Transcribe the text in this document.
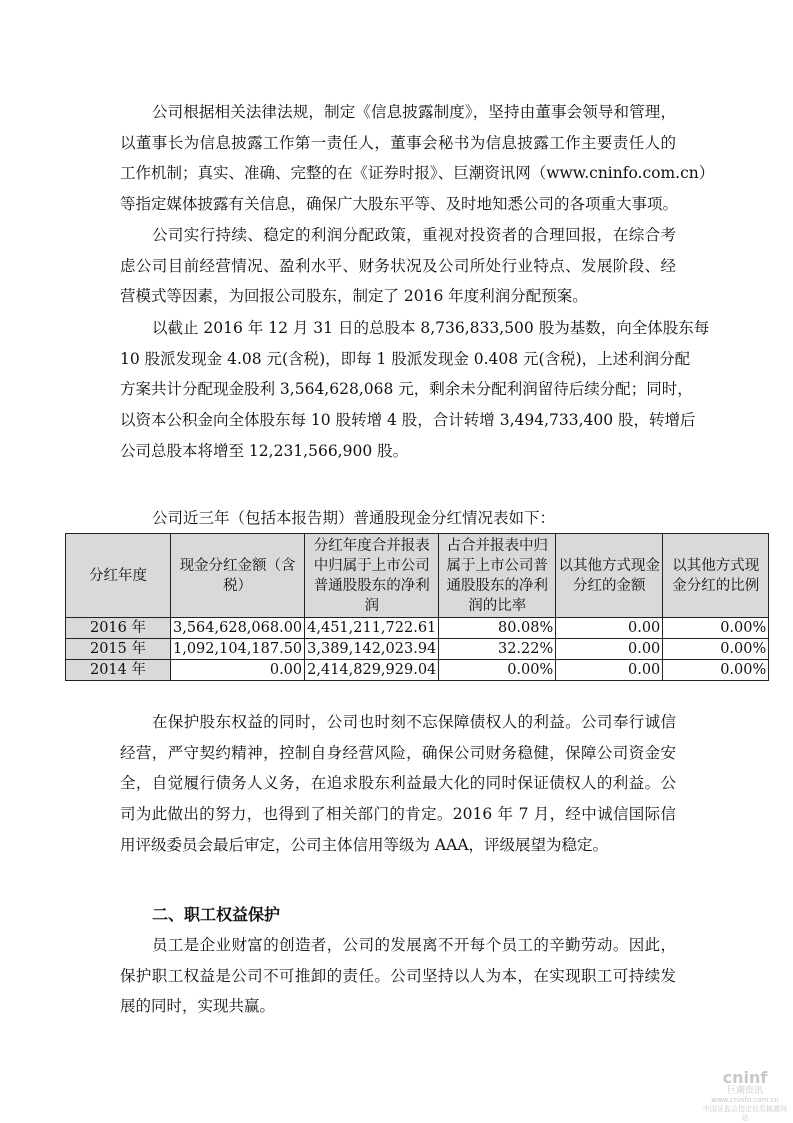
公司根据相关法律法规，制定《信息披露制度》，坚持由董事会领导和管理，
以董事长为信息披露工作第一责任人，董事会秘书为信息披露工作主要责任人的
工作机制；真实、准确、完整的在《证券时报》、巨潮资讯网（www.cninfo.com.cn）
等指定媒体披露有关信息，确保广大股东平等、及时地知悉公司的各项重大事项。
公司实行持续、稳定的利润分配政策，重视对投资者的合理回报，在综合考
虑公司目前经营情况、盈利水平、财务状况及公司所处行业特点、发展阶段、经
营模式等因素，为回报公司股东，制定了 2016 年度利润分配预案。
以截止 2016 年 12 月 31 日的总股本 8,736,833,500 股为基数，向全体股东每
10 股派发现金 4.08 元(含税)，即每 1 股派发现金 0.408 元(含税)，上述利润分配
方案共计分配现金股利 3,564,628,068 元，剩余未分配利润留待后续分配；同时，
以资本公积金向全体股东每 10 股转增 4 股，合计转增 3,494,733,400 股，转增后
公司总股本将增至 12,231,566,900 股。
在保护股东权益的同时，公司也时刻不忘保障债权人的利益。公司奉行诚信
经营，严守契约精神，控制自身经营风险，确保公司财务稳健，保障公司资金安
全，自觉履行债务人义务，在追求股东利益最大化的同时保证债权人的利益。公
司为此做出的努力，也得到了相关部门的肯定。2016 年 7 月，经中诚信国际信
用评级委员会最后审定，公司主体信用等级为 AAA，评级展望为稳定。
员工是企业财富的创造者，公司的发展离不开每个员工的辛勤劳动。因此，
保护职工权益是公司不可推卸的责任。公司坚持以人为本，在实现职工可持续发
展的同时，实现共赢。
公司近三年（包括本报告期）普通股现金分红情况表如下：
分红年度	现金分红金额（含税）	分红年度合并报表中归属于上市公司普通股股东的净利润	占合并报表中归属于上市公司普通股股东的净利润的比率	以其他方式现金分红的金额	以其他方式现金分红的比例
2016 年	3,564,628,068.00	4,451,211,722.61	80.08%	0.00	0.00%
2015 年	1,092,104,187.50	3,389,142,023.94	32.22%	0.00	0.00%
2014 年	0.00	2,414,829,929.04	0.00%	0.00	0.00%
二、职工权益保护
cninf
巨潮资讯
www.cninfo.com.cn
中国证监会指定信息披露网站
